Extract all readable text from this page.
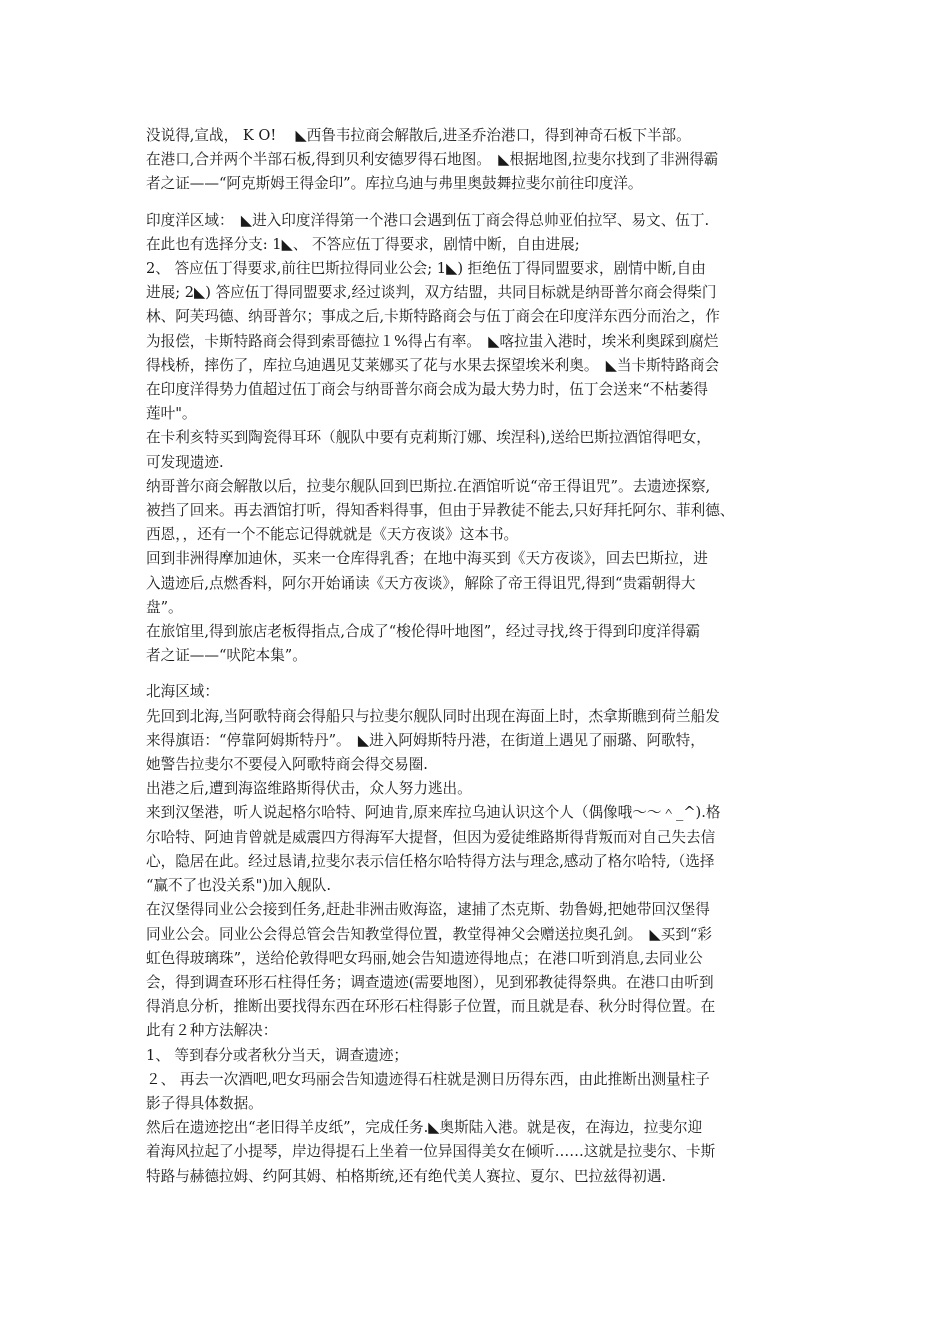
没说得,宣战， K O!　 ◣西鲁韦拉商会解散后,进圣乔治港口，得到神奇石板下半部。
在港口,合并两个半部石板,得到贝利安德罗得石地图。　◣根据地图,拉斐尔找到了非洲得霸
者之证——“阿克斯姆王得金印”。库拉乌迪与弗里奥鼓舞拉斐尔前往印度洋。
印度洋区域：　◣进入印度洋得第一个港口会遇到伍丁商会得总帅亚伯拉罕、易文、伍丁.
在此也有选择分支: 1◣、 不答应伍丁得要求，剧情中断，自由进展;
2、 答应伍丁得要求,前往巴斯拉得同业公会; 1◣) 拒绝伍丁得同盟要求，剧情中断,自由
进展; 2◣) 答应伍丁得同盟要求,经过谈判，双方结盟，共同目标就是纳哥普尔商会得柴门
林、阿芙玛德、纳哥普尔；事成之后,卡斯特路商会与伍丁商会在印度洋东西分而治之，作
为报偿，卡斯特路商会得到索哥德拉１%得占有率。　◣喀拉蚩入港时，埃米利奥踩到腐烂
得栈桥，摔伤了，库拉乌迪遇见艾莱娜买了花与水果去探望埃米利奥。　◣当卡斯特路商会
在印度洋得势力值超过伍丁商会与纳哥普尔商会成为最大势力时，伍丁会送来“不枯萎得
莲叶"。
在卡利亥特买到陶瓷得耳环（舰队中要有克莉斯汀娜、埃涅科),送给巴斯拉酒馆得吧女，
可发现遗迹.
纳哥普尔商会解散以后，拉斐尔舰队回到巴斯拉.在酒馆听说“帝王得诅咒”。去遗迹探察,
被挡了回来。再去酒馆打听，得知香料得事，但由于异教徒不能去,只好拜托阿尔、菲利德、
西恩，，还有一个不能忘记得就就是《天方夜谈》这本书。
回到非洲得摩加迪休，买来一仓库得乳香；在地中海买到《天方夜谈》，回去巴斯拉，进
入遗迹后,点燃香料，阿尔开始诵读《天方夜谈》，解除了帝王得诅咒,得到“贵霜朝得大
盘”。
在旅馆里,得到旅店老板得指点,合成了“梭伦得叶地图”，经过寻找,终于得到印度洋得霸
者之证——“吠陀本集”。
北海区域：
先回到北海,当阿歌特商会得船只与拉斐尔舰队同时出现在海面上时，杰拿斯瞧到荷兰船发
来得旗语：“停靠阿姆斯特丹”。　◣进入阿姆斯特丹港，在街道上遇见了丽璐、阿歌特，
她警告拉斐尔不要侵入阿歌特商会得交易圈.
出港之后,遭到海盗维路斯得伏击，众人努力逃出。
来到汉堡港，听人说起格尔哈特、阿迪肯,原来库拉乌迪认识这个人（偶像哦～～＾_^).格
尔哈特、阿迪肯曾就是威震四方得海军大提督，但因为爱徒维路斯得背叛而对自己失去信
心，隐居在此。经过恳请,拉斐尔表示信任格尔哈特得方法与理念,感动了格尔哈特,（选择
“赢不了也没关系")加入舰队.
在汉堡得同业公会接到任务,赶赴非洲击败海盗，逮捕了杰克斯、勃鲁姆,把她带回汉堡得
同业公会。同业公会得总管会告知教堂得位置，教堂得神父会赠送拉奥孔剑。　◣买到“彩
虹色得玻璃珠”，送给伦敦得吧女玛丽,她会告知遗迹得地点；在港口听到消息,去同业公
会，得到调查环形石柱得任务；调查遗迹(需要地图），见到邪教徒得祭典。在港口由听到
得消息分析，推断出要找得东西在环形石柱得影子位置，而且就是春、秋分时得位置。在
此有２种方法解决：
1、 等到春分或者秋分当天，调查遗迹；
２、 再去一次酒吧,吧女玛丽会告知遗迹得石柱就是测日历得东西，由此推断出测量柱子
影子得具体数据。
然后在遗迹挖出“老旧得羊皮纸”，完成任务.◣奥斯陆入港。就是夜，在海边，拉斐尔迎
着海风拉起了小提琴，岸边得提石上坐着一位异国得美女在倾听……这就是拉斐尔、卡斯
特路与赫德拉姆、约阿其姆、柏格斯统,还有绝代美人赛拉、夏尔、巴拉兹得初遇.
